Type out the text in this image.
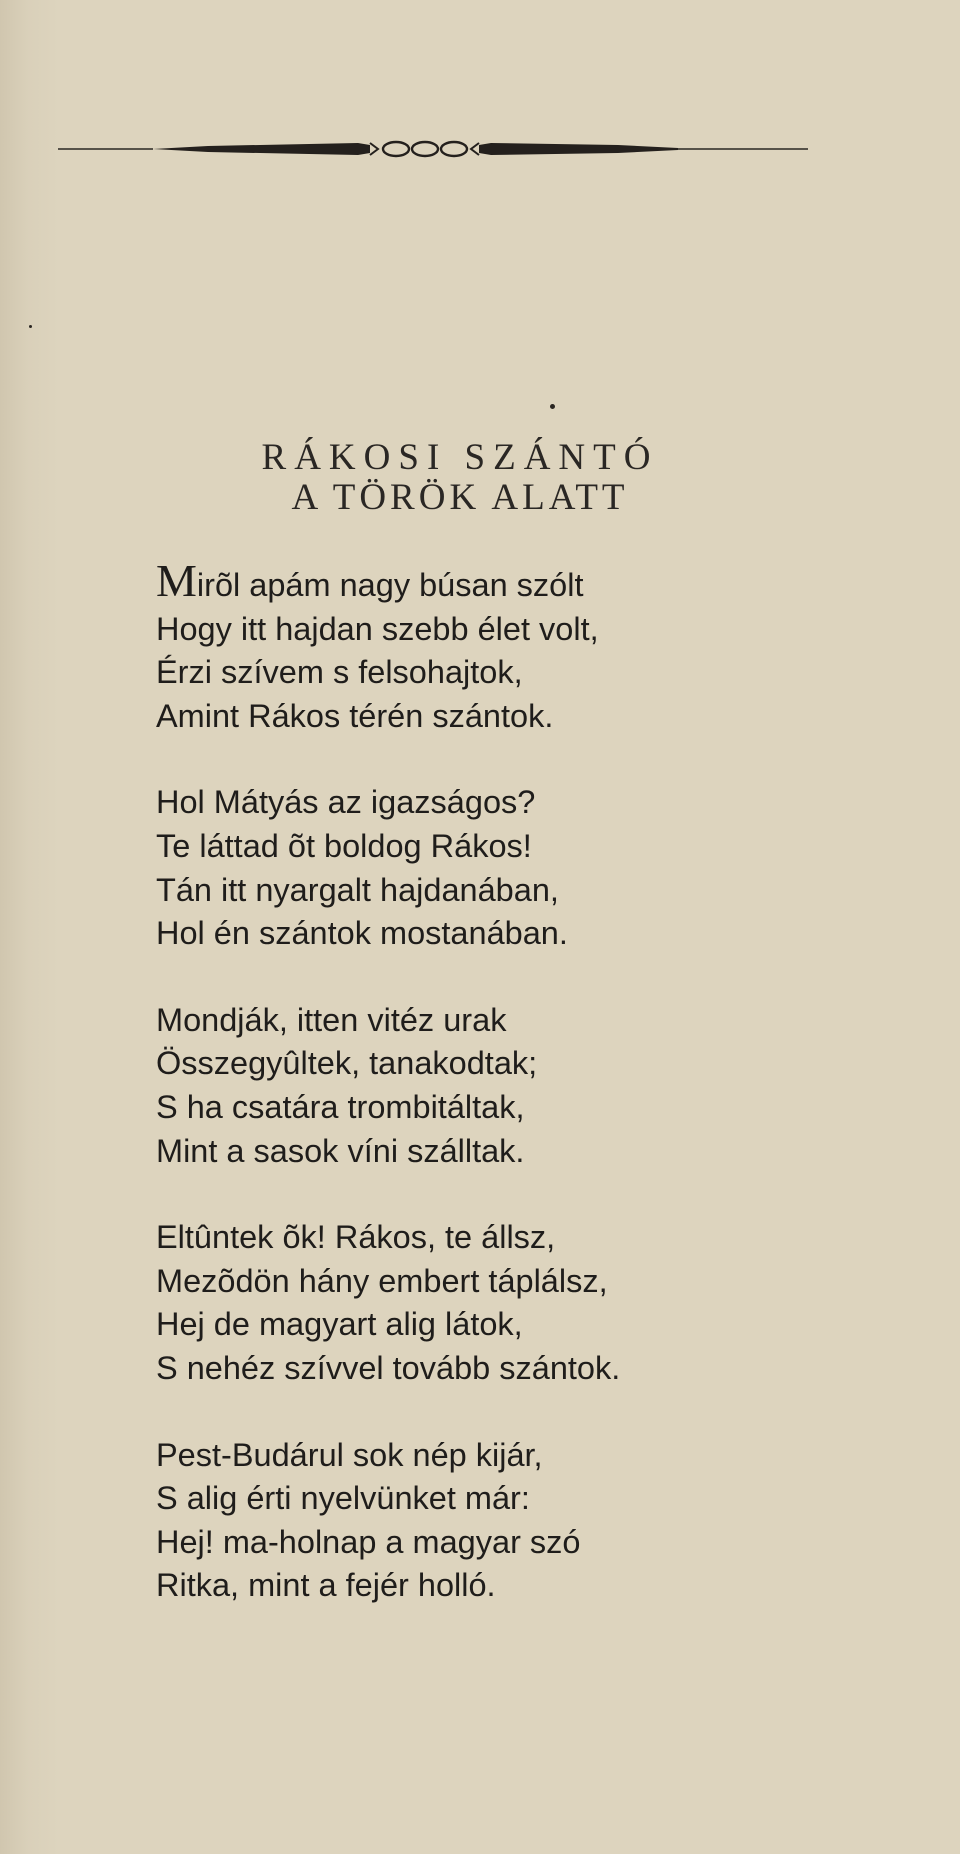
RÁKOSI SZÁNTÓ
A TÖRÖK ALATT
Mirõl apám nagy búsan szólt
Hogy itt hajdan szebb élet volt,
Érzi szívem s felsohajtok,
Amint Rákos térén szántok.
Hol Mátyás az igazságos?
Te láttad õt boldog Rákos!
Tán itt nyargalt hajdanában,
Hol én szántok mostanában.
Mondják, itten vitéz urak
Összegyûltek, tanakodtak;
S ha csatára trombitáltak,
Mint a sasok víni szálltak.
Eltûntek õk! Rákos, te állsz,
Mezõdön hány embert táplálsz,
Hej de magyart alig látok,
S nehéz szívvel tovább szántok.
Pest-Budárul sok nép kijár,
S alig érti nyelvünket már:
Hej! ma-holnap a magyar szó
Ritka, mint a fejér holló.
